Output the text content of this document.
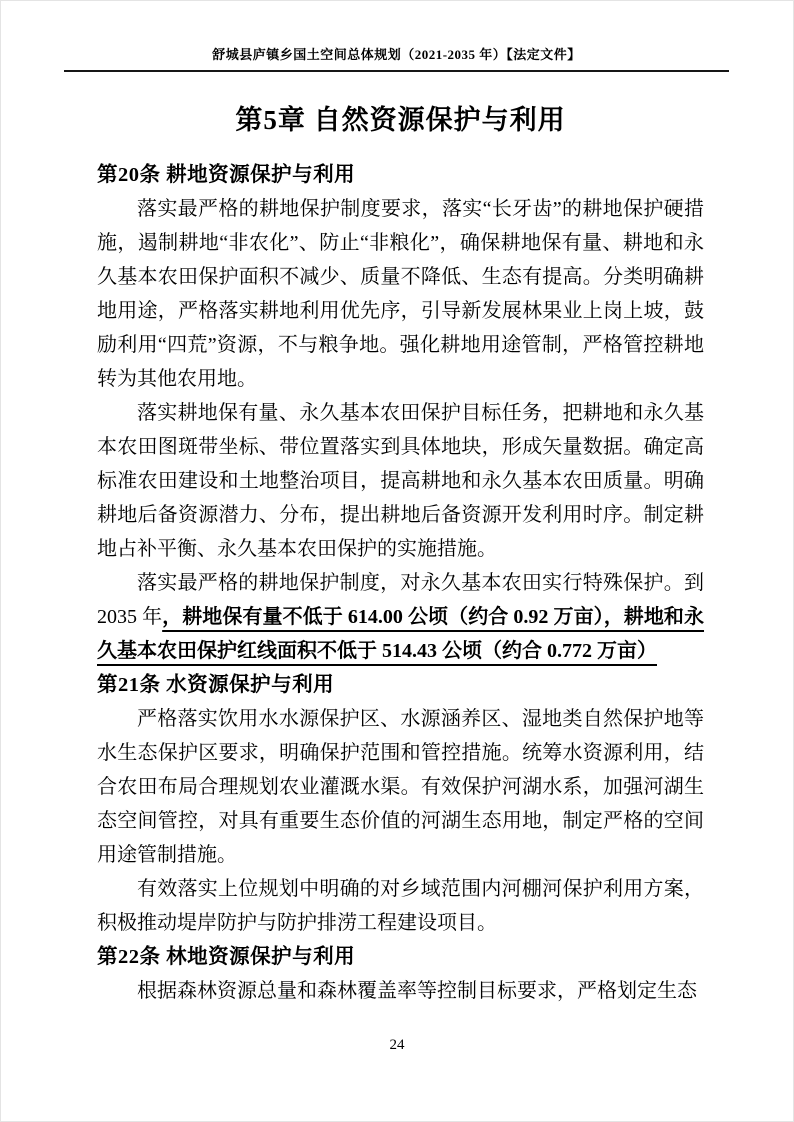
舒城县庐镇乡国土空间总体规划（2021-2035 年）【法定文件】
第5章 自然资源保护与利用
第20条 耕地资源保护与利用

落实最严格的耕地保护制度要求，落实“长牙齿”的耕地保护硬措施，遏制耕地“非农化”、防止“非粮化”，确保耕地保有量、耕地和永久基本农田保护面积不减少、质量不降低、生态有提高。分类明确耕地用途，严格落实耕地利用优先序，引导新发展林果业上岗上坡，鼓励利用“四荒”资源，不与粮争地。强化耕地用途管制，严格管控耕地转为其他农用地。

落实耕地保有量、永久基本农田保护目标任务，把耕地和永久基本农田图斑带坐标、带位置落实到具体地块，形成矢量数据。确定高标准农田建设和土地整治项目，提高耕地和永久基本农田质量。明确耕地后备资源潜力、分布，提出耕地后备资源开发利用时序。制定耕地占补平衡、永久基本农田保护的实施措施。

落实最严格的耕地保护制度，对永久基本农田实行特殊保护。到 2035 年，耕地保有量不低于 614.00 公顷（约合 0.92 万亩），耕地和永久基本农田保护红线面积不低于 514.43 公顷（约合 0.772 万亩）

第21条 水资源保护与利用

严格落实饮用水水源保护区、水源涵养区、湿地类自然保护地等水生态保护区要求，明确保护范围和管控措施。统筹水资源利用，结合农田布局合理规划农业灌溉水渠。有效保护河湖水系，加强河湖生态空间管控，对具有重要生态价值的河湖生态用地，制定严格的空间用途管制措施。

有效落实上位规划中明确的对乡域范围内河棚河保护利用方案，积极推动堤岸防护与防护排涝工程建设项目。

第22条 林地资源保护与利用

根据森林资源总量和森林覆盖率等控制目标要求，严格划定生态

24
